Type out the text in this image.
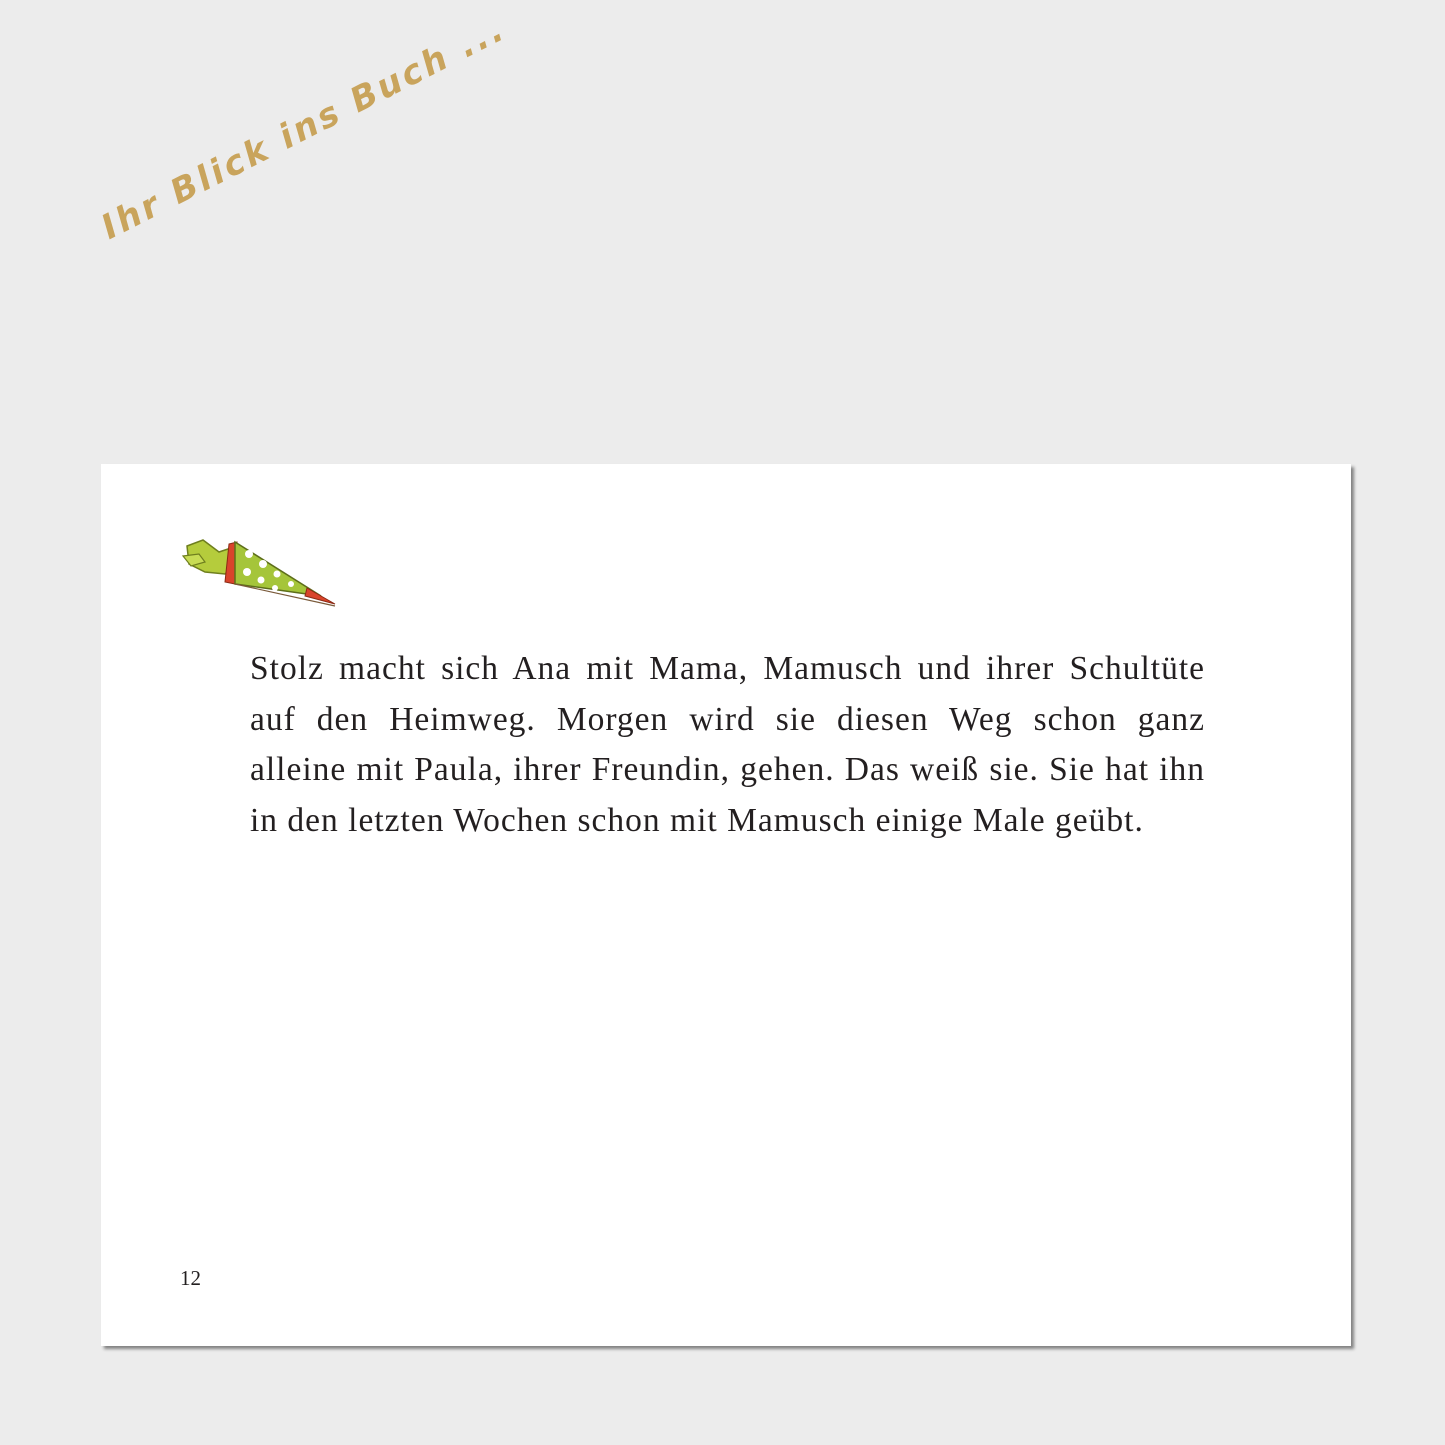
Ihr Blick ins Buch ...

Stolz macht sich Ana mit Mama, Mamusch und ihrer Schultüte auf den Heimweg. Morgen wird sie diesen Weg schon ganz alleine mit Paula, ihrer Freundin, gehen. Das weiß sie. Sie hat ihn in den letzten Wochen schon mit Mamusch einige Male geübt.

12
